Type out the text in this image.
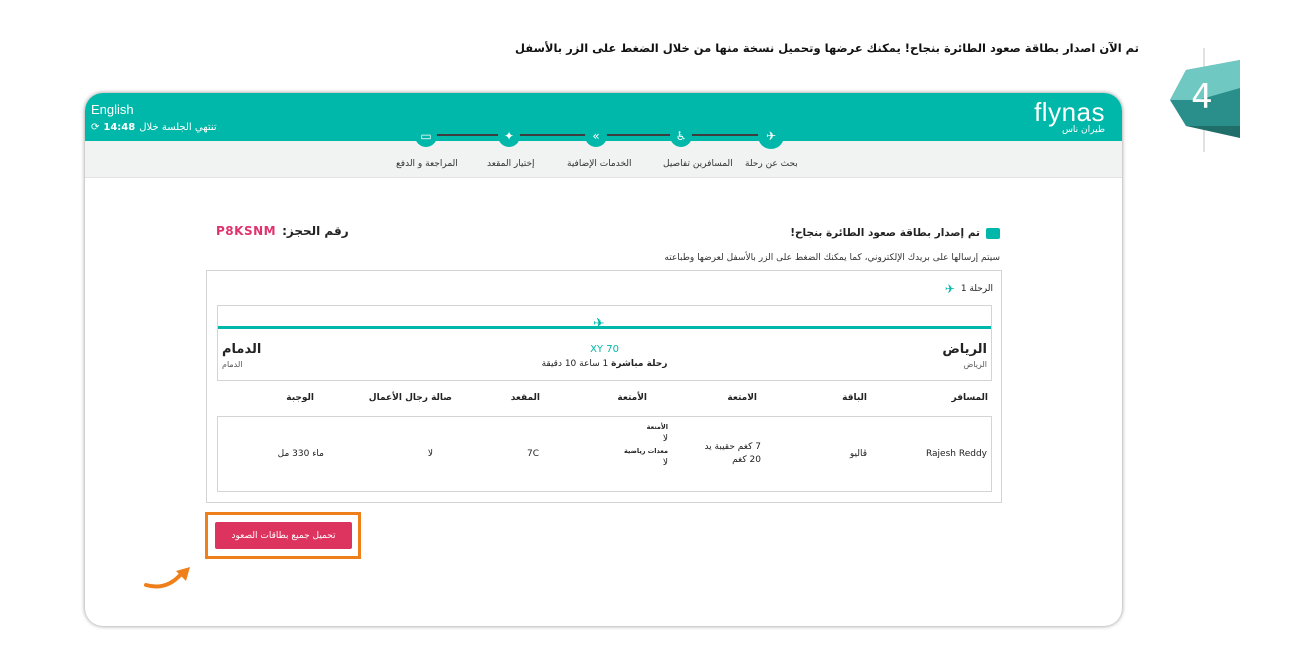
تم الآن اصدار بطاقة صعود الطائرة بنجاح! يمكنك عرضها وتحميل نسخة منها من خلال الضغط على الزر بالأسفل
4
English
تنتهي الجلسة خلال
14:48
⟳
flynas
طيران ناس
✈
♿
«
✦
▭
بحث عن رحلة
المسافرين تفاصيل
الخدمات الإضافية
إختيار المقعد
المراجعة و الدفع
تم إصدار بطاقة صعود الطائرة بنجاح!
رقم الحجز:
P8KSNM
سيتم إرسالها على بريدك الإلكتروني، كما يمكنك الضغط على الزر بالأسفل لعرضها وطباعته
الرحلة 1
✈
✈
الرياض
الرياض
الدمام
الدمام
XY 70
رحلة مباشرة 1 ساعة 10 دقيقة
المسافر
الباقة
الامتعة
الأمتعة
المقعد
صالة رجال الأعمال
الوجبة
Rajesh Reddy
ڤاليو
7 كغم حقيبة يد
20 كغم
الأمتعة
لا
معدات رياضية
لا
7C
لا
ماء 330 مل
تحميل جميع بطاقات الصعود
